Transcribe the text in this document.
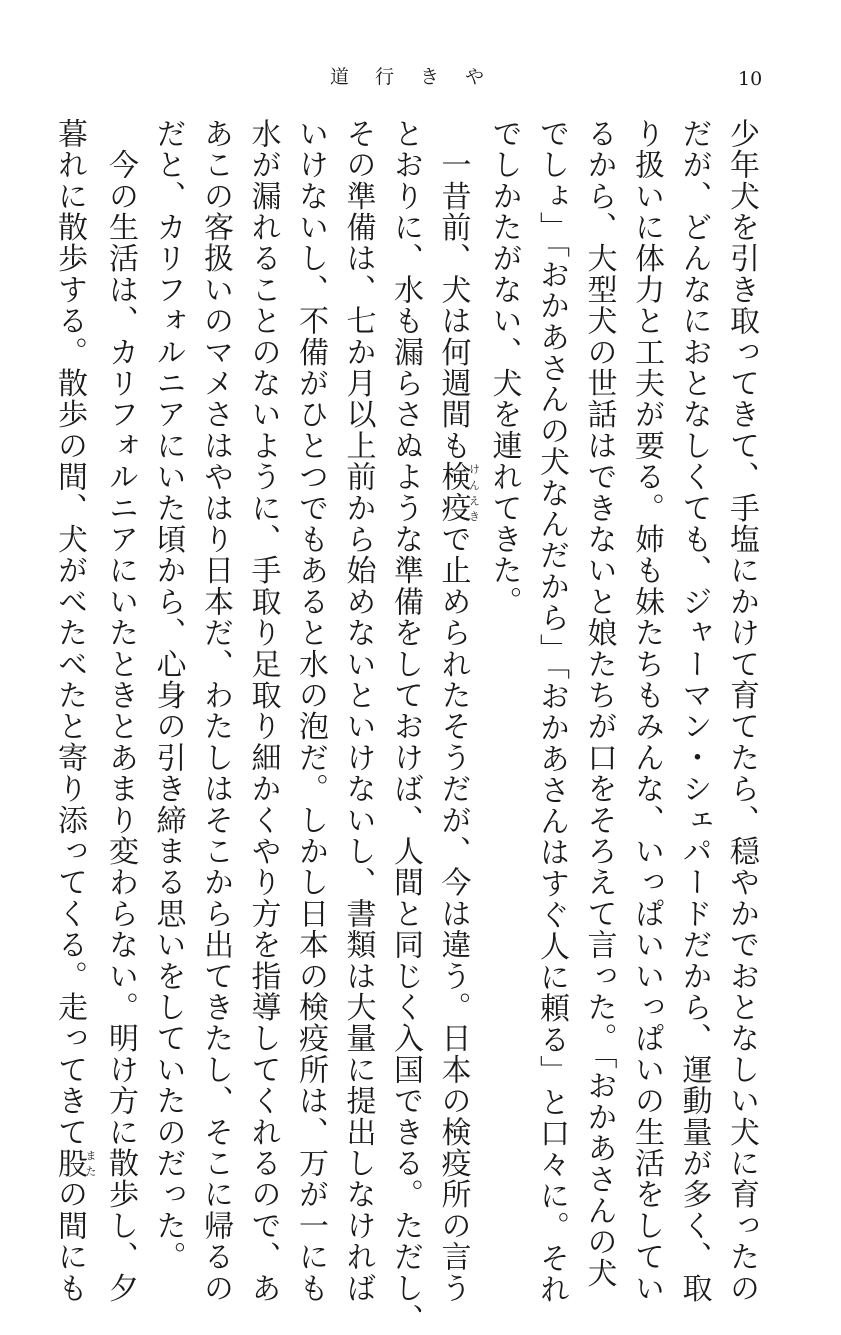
道行きや	10
少年犬を引き取ってきて、手塩にかけて育てたら、穏やかでおとなしい犬に育ったの
だが、どんなにおとなしくても、ジャーマン・シェパードだから、運動量が多く、取
り扱いに体力と工夫が要る。姉も妹たちもみんな、いっぱいいっぱいの生活をしてい
るから、大型犬の世話はできないと娘たちが口をそろえて言った。「おかあさんの犬
でしょ」「おかあさんの犬なんだから」「おかあさんはすぐ人に頼る」と口々に。それ
でしかたがない、犬を連れてきた。
　一昔前、犬は何週間も検疫けんえきで止められたそうだが、今は違う。日本の検疫所の言う
とおりに、水も漏らさぬような準備をしておけば、人間と同じく入国できる。ただし、
その準備は、七か月以上前から始めないといけないし、書類は大量に提出しなければ
いけないし、不備がひとつでもあると水の泡だ。しかし日本の検疫所は、万が一にも
水が漏れることのないように、手取り足取り細かくやり方を指導してくれるので、あ
あこの客扱いのマメさはやはり日本だ、わたしはそこから出てきたし、そこに帰るの
だと、カリフォルニアにいた頃から、心身の引き締まる思いをしていたのだった。
　今の生活は、カリフォルニアにいたときとあまり変わらない。明け方に散歩し、夕
暮れに散歩する。散歩の間、犬がべたべたと寄り添ってくる。走ってきて股またの間にも
